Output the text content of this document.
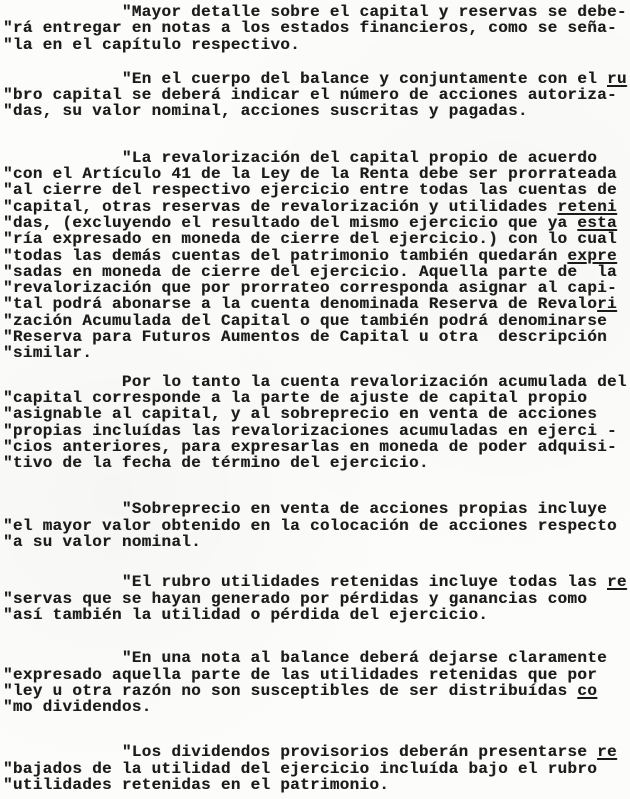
"Mayor detalle sobre el capital y reservas se debe-
"rá entregar en notas a los estados financieros, como se seña-
"la en el capítulo respectivo.

"En el cuerpo del balance y conjuntamente con el ru
"bro capital se deberá indicar el número de acciones autoriza-
"das, su valor nominal, acciones suscritas y pagadas.

"La revalorización del capital propio de acuerdo
"con el Artículo 41 de la Ley de la Renta debe ser prorrateada
"al cierre del respectivo ejercicio entre todas las cuentas de
"capital, otras reservas de revalorización y utilidades reteni
"das, (excluyendo el resultado del mismo ejercicio que ya esta
"ría expresado en moneda de cierre del ejercicio.) con lo cual
"todas las demás cuentas del patrimonio también quedarán expre
"sadas en moneda de cierre del ejercicio. Aquella parte de  la
"revalorización que por prorrateo corresponda asignar al capi-
"tal podrá abonarse a la cuenta denominada Reserva de Revalori
"zación Acumulada del Capital o que también podrá denominarse
"Reserva para Futuros Aumentos de Capital u otra  descripción
"similar.

Por lo tanto la cuenta revalorización acumulada del
"capital corresponde a la parte de ajuste de capital propio
"asignable al capital, y al sobreprecio en venta de acciones
"propias incluídas las revalorizaciones acumuladas en ejerci -
"cios anteriores, para expresarlas en moneda de poder adquisi-
"tivo de la fecha de término del ejercicio.

"Sobreprecio en venta de acciones propias incluye
"el mayor valor obtenido en la colocación de acciones respecto
"a su valor nominal.

"El rubro utilidades retenidas incluye todas las re
"servas que se hayan generado por pérdidas y ganancias como
"así también la utilidad o pérdida del ejercicio.

"En una nota al balance deberá dejarse claramente
"expresado aquella parte de las utilidades retenidas que por
"ley u otra razón no son susceptibles de ser distribuídas co
"mo dividendos.

"Los dividendos provisorios deberán presentarse re
"bajados de la utilidad del ejercicio incluída bajo el rubro
"utilidades retenidas en el patrimonio.
